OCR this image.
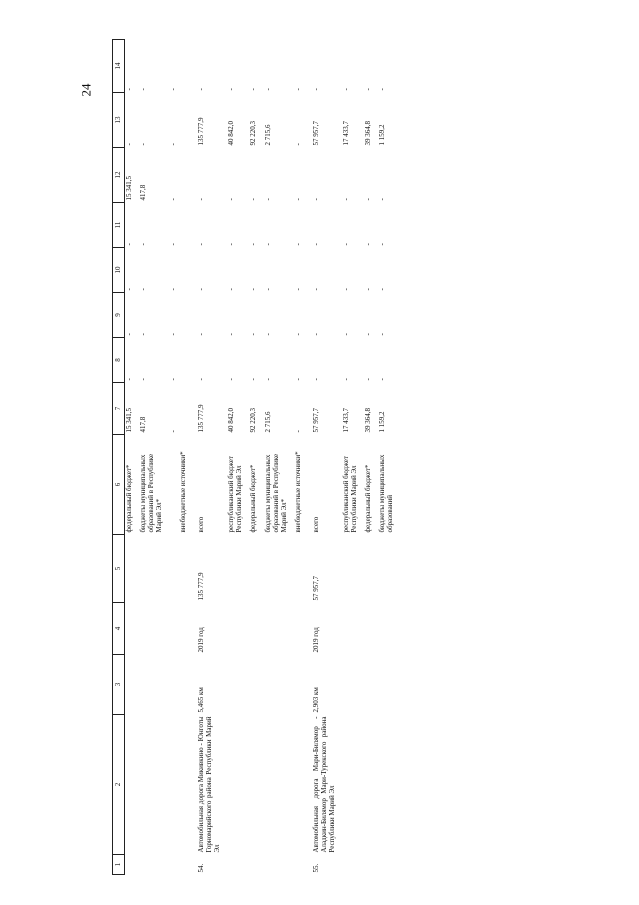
24
1	2	3	4	5	6	7	8	9	10	11	12	13	14
					федеральный бюджет*	15 341,5	-	-	-	-	15 341,5	-	-
					бюджеты муниципальных образований в Республике Марий Эл*	417,8	-	-	-	-	417,8	-	-
					внебюджетные источники*	-	-	-	-	-	-	-	-
54.	Автомобильная дорога Микивкино - Юнготы Горномарийского района Республики Марий Эл	5,465 км	2019 год	135 777,9	всего	135 777,9	-	-	-	-	-	135 777,9	-
					республиканский бюджет Республики Марий Эл	40 842,0	-	-	-	-	-	40 842,0	-
					федеральный бюджет*	92 220,3	-	-	-	-	-	92 220,3	-
					бюджеты муниципальных образований в Республике Марий Эл*	2 715,6	-	-	-	-	-	2 715,6	-
					внебюджетные источники*	-	-	-	-	-	-	-	-
55.	Автомобильная дорога Мари-Билямор - Аладкин-Билямор Мари-Турекского района Республики Марий Эл	2,903 км	2019 год	57 957,7	всего	57 957,7	-	-	-	-	-	57 957,7	-
					республиканский бюджет Республики Марий Эл	17 433,7	-	-	-	-	-	17 433,7	-
					федеральный бюджет*	39 364,8	-	-	-	-	-	39 364,8	-
					бюджеты муниципальных образований	1 159,2	-	-	-	-	-	1 159,2	-
